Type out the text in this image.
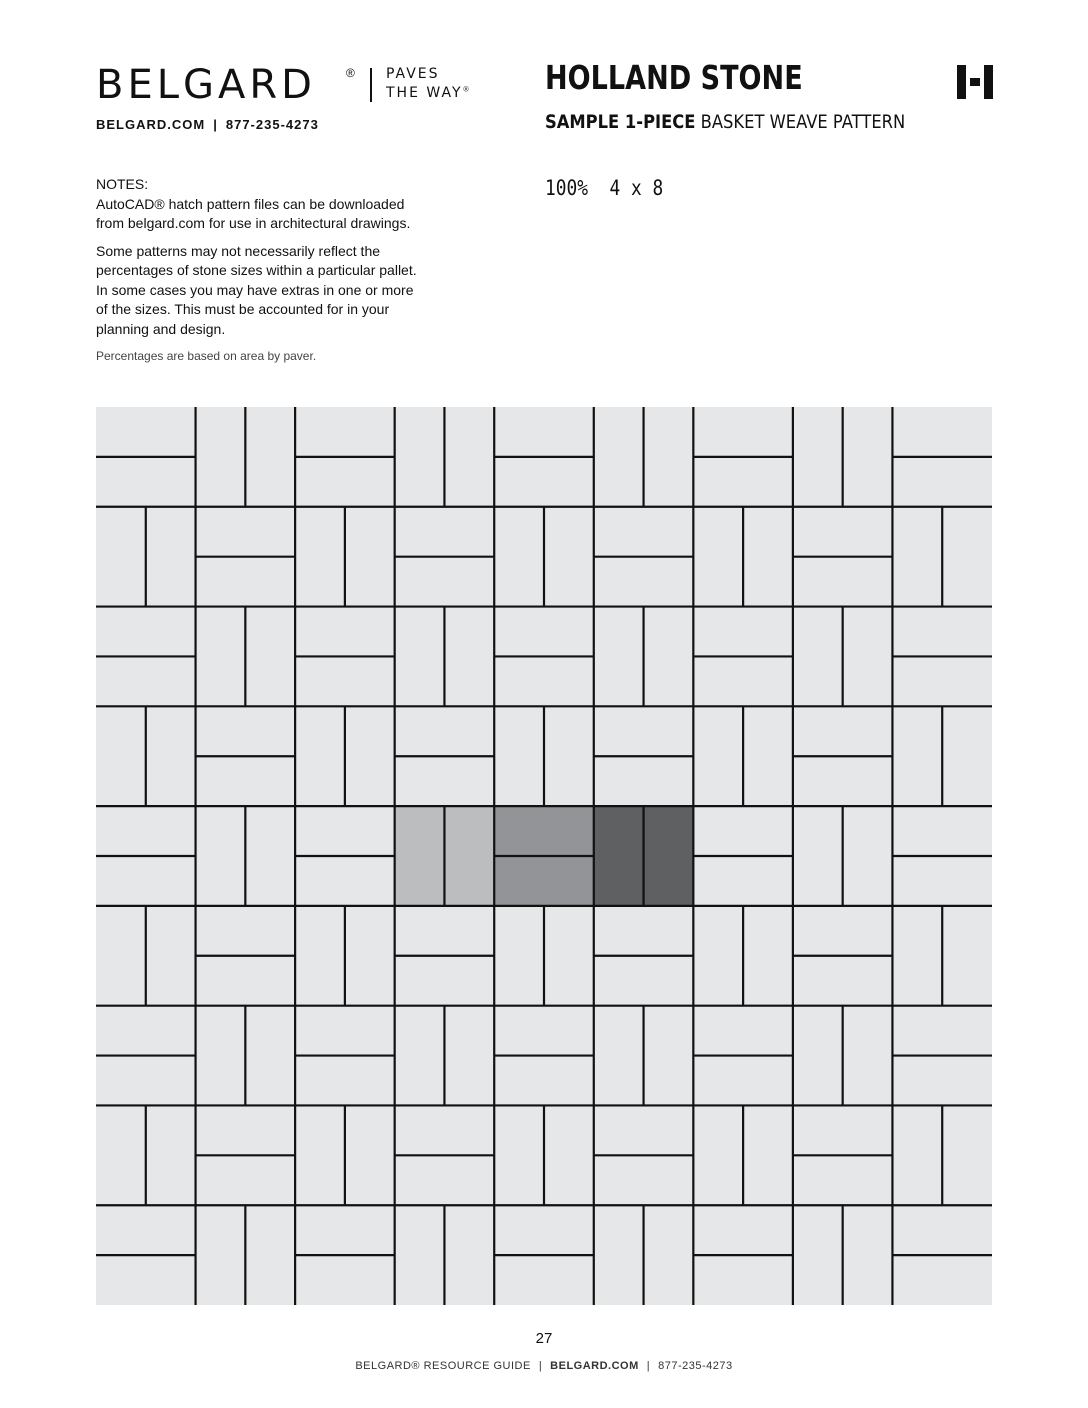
BELGARD	® PAVES
THE WAY®
BELGARD.COM | 877-235-4273
HOLLAND STONE
SAMPLE 1-PIECE BASKET WEAVE PATTERN
100% 4 x 8
NOTES:

AutoCAD® hatch pattern files can be downloaded from belgard.com for use in architectural drawings.

Some patterns may not necessarily reflect the percentages of stone sizes within a particular pallet. In some cases you may have extras in one or more of the sizes. This must be accounted for in your planning and design.

Percentages are based on area by paver.
27
BELGARD® RESOURCE GUIDE | BELGARD.COM | 877-235-4273
